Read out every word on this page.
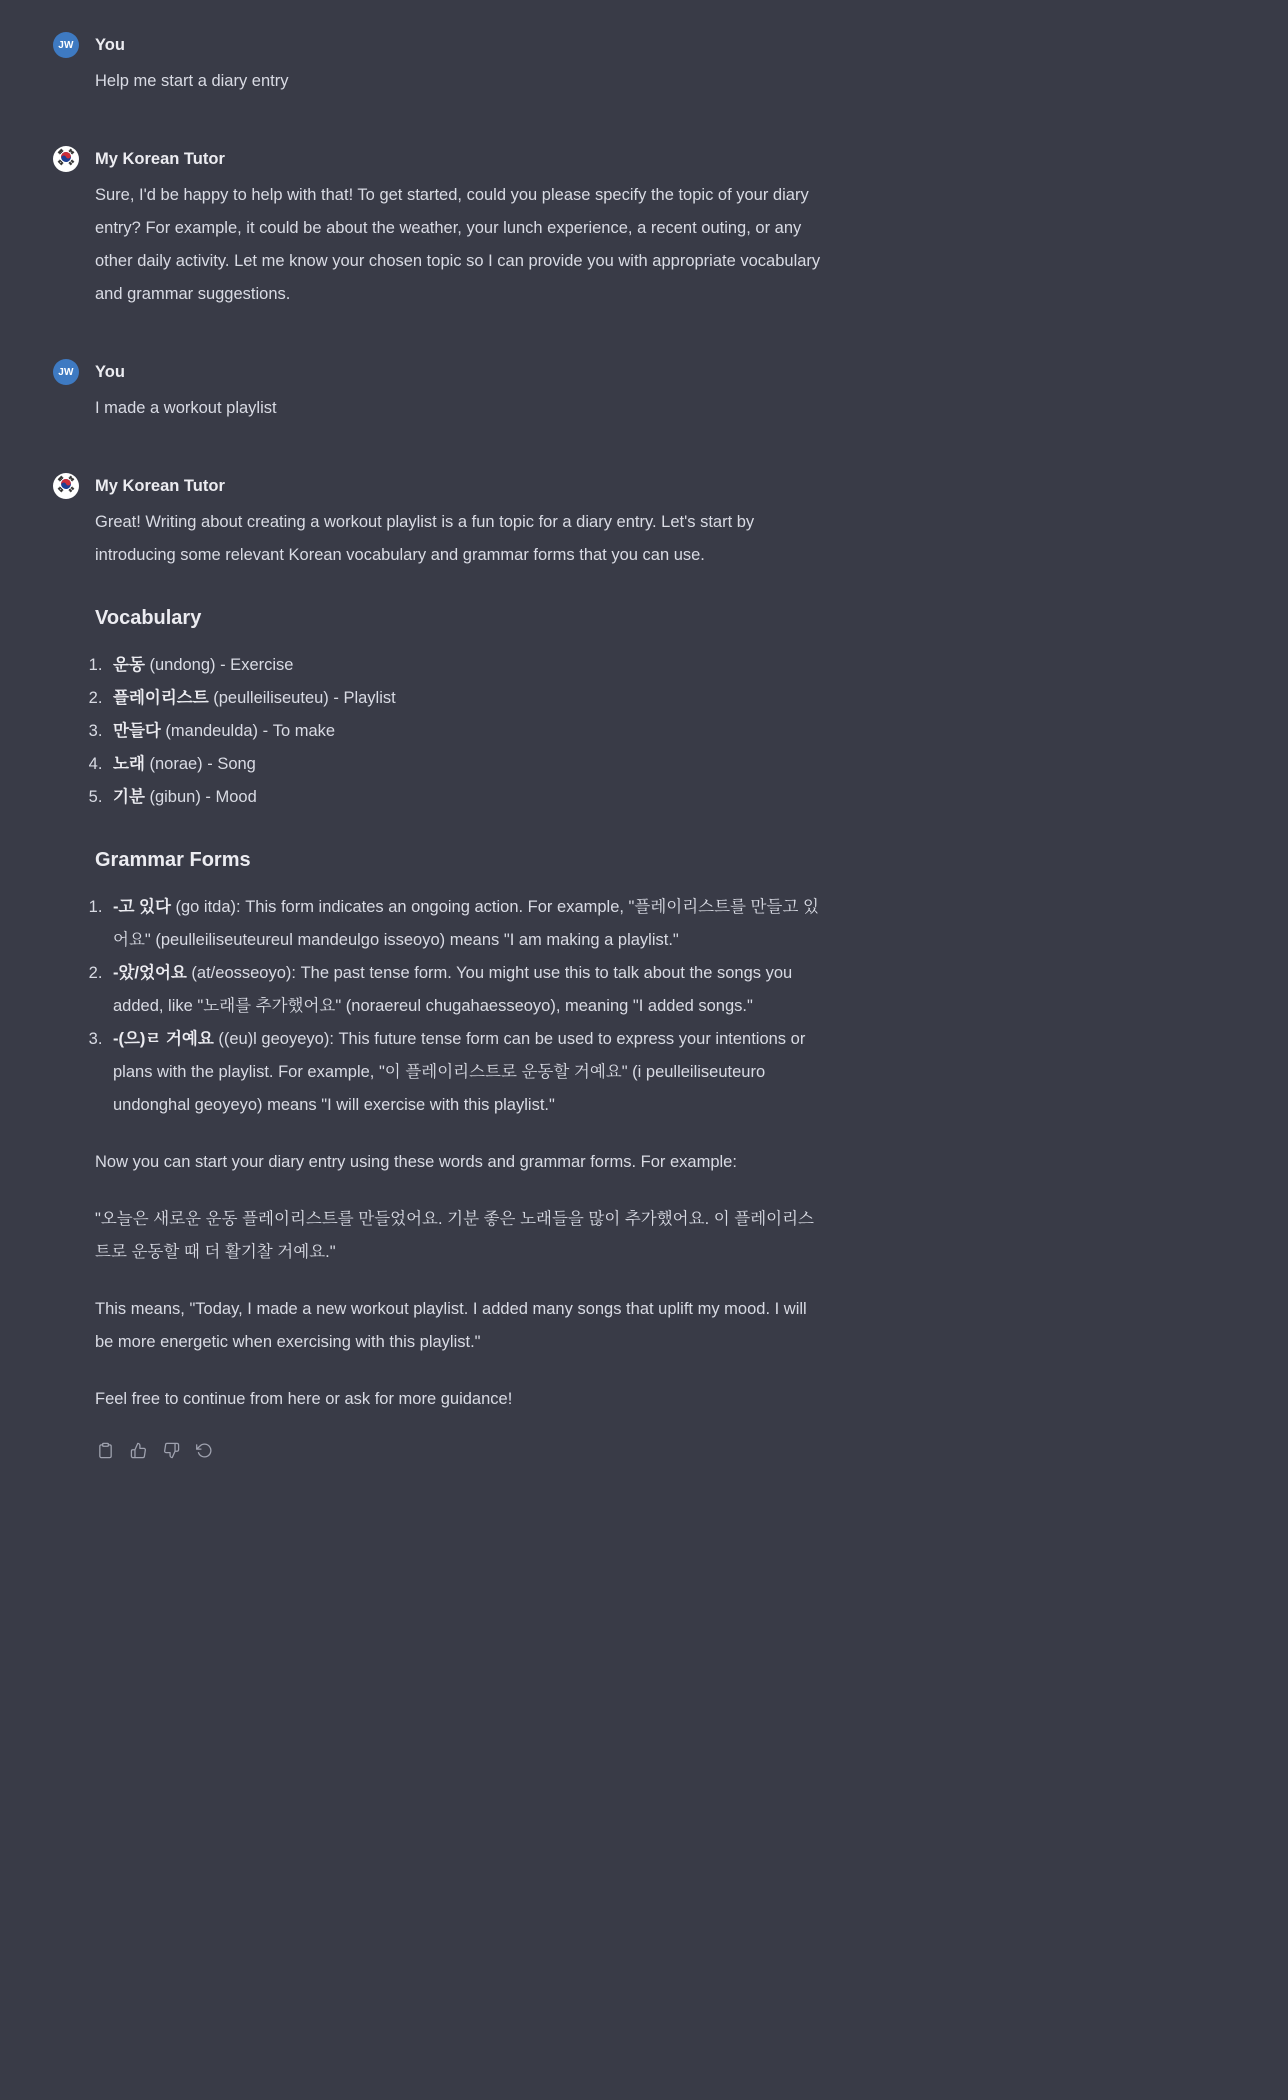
JW	You

Help me start a diary entry

My Korean Tutor

Sure, I'd be happy to help with that! To get started, could you please specify the topic of your diary entry? For example, it could be about the weather, your lunch experience, a recent outing, or any other daily activity. Let me know your chosen topic so I can provide you with appropriate vocabulary and grammar suggestions.

JW	You

I made a workout playlist

My Korean Tutor

Great! Writing about creating a workout playlist is a fun topic for a diary entry. Let's start by introducing some relevant Korean vocabulary and grammar forms that you can use.

Vocabulary
1. 운동 (undong) - Exercise
2. 플레이리스트 (peulleiliseuteu) - Playlist
3. 만들다 (mandeulda) - To make
4. 노래 (norae) - Song
5. 기분 (gibun) - Mood
Grammar Forms
1. -고 있다 (go itda): This form indicates an ongoing action. For example, "플레이리스트를 만들고 있어요" (peulleiliseuteureul mandeulgo isseoyo) means "I am making a playlist."
2. -았/었어요 (at/eosseoyo): The past tense form. You might use this to talk about the songs you added, like "노래를 추가했어요" (noraereul chugahaesseoyo), meaning "I added songs."
3. -(으)ㄹ 거예요 ((eu)l geoyeyo): This future tense form can be used to express your intentions or plans with the playlist. For example, "이 플레이리스트로 운동할 거예요" (i peulleiliseuteuro undonghal geoyeyo) means "I will exercise with this playlist."

Now you can start your diary entry using these words and grammar forms. For example:

"오늘은 새로운 운동 플레이리스트를 만들었어요. 기분 좋은 노래들을 많이 추가했어요. 이 플레이리스트로 운동할 때 더 활기찰 거예요."

This means, "Today, I made a new workout playlist. I added many songs that uplift my mood. I will be more energetic when exercising with this playlist."

Feel free to continue from here or ask for more guidance!
